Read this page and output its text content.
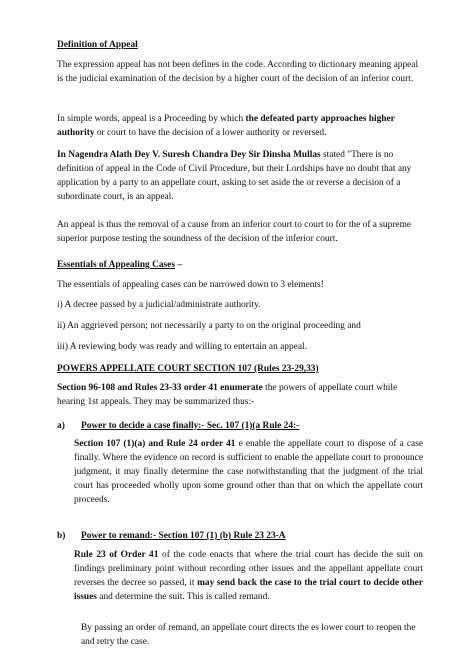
Definition of Appeal

The expression appeal has not been defines in the code. According to dictionary meaning appeal is the judicial examination of the decision by a higher court of the decision of an inferior court.

In simple words, appeal is a Proceeding by which the defeated party approaches higher authority or court to have the decision of a lower authority or reversed.

In Nagendra Alath Dey V. Suresh Chandra Dey Sir Dinsha Mullas stated "There is no definition of appeal in the Code of Civil Procedure, but their Lordships have no doubt that any application by a party to an appellate court, asking to set aside the or reverse a decision of a subordinate court, is an appeal.

An appeal is thus the removal of a cause from an inferior court to court to for the of a supreme superior purpose testing the soundness of the decision of the inferior court.

Essentials of Appealing Cases –

The essentials of appealing cases can be narrowed down to 3 elements!

i) A decree passed by a judicial/administrate authority.

ii) An aggrieved person; not necessarily a party to on the original proceeding and

iii) A reviewing body was ready and willing to entertain an appeal.

POWERS APPELLATE COURT SECTION 107 (Rules 23-29,33)

Section 96-108 and Rules 23-33 order 41 enumerate the powers of appellate court while hearing 1st appeals. They may be summarized thus:-

a) Power to decide a case finally:- Sec. 107 (1)(a Rule 24:-

Section 107 (1)(a) and Rule 24 order 41 e enable the appellate court to dispose of a case finally. Where the evidence on record is sufficient to enable the appellate court to pronounce judgment, it may finally determine the case notwithstanding that the judgment of the trial court has proceeded wholly upon some ground other than that on which the appellate court proceeds.

b) Power to remand:- Section 107 (1) (b) Rule 23 23-A

Rule 23 of Order 41 of the code enacts that where the trial court has decide the suit on findings preliminary point without recording other issues and the appellant appellate court reverses the decree so passed, it may send back the case to the trial court to decide other issues and determine the suit. This is called remand.

By passing an order of remand, an appellate court directs the es lower court to reopen the and retry the case.
